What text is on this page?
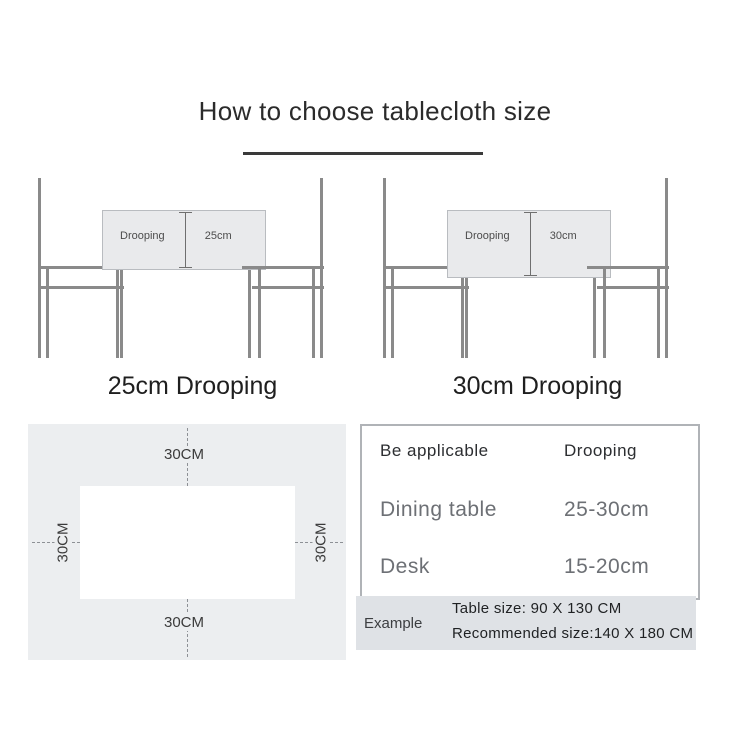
How to choose tablecloth size
Drooping	25cm
25cm Drooping
Drooping	30cm
30cm Drooping
30CM
30CM
30CM	30CM
Be applicable	Drooping
Dining table	25-30cm
Desk	15-20cm
Example
Table size: 90 X 130 CM
Recommended size:140 X 180 CM
